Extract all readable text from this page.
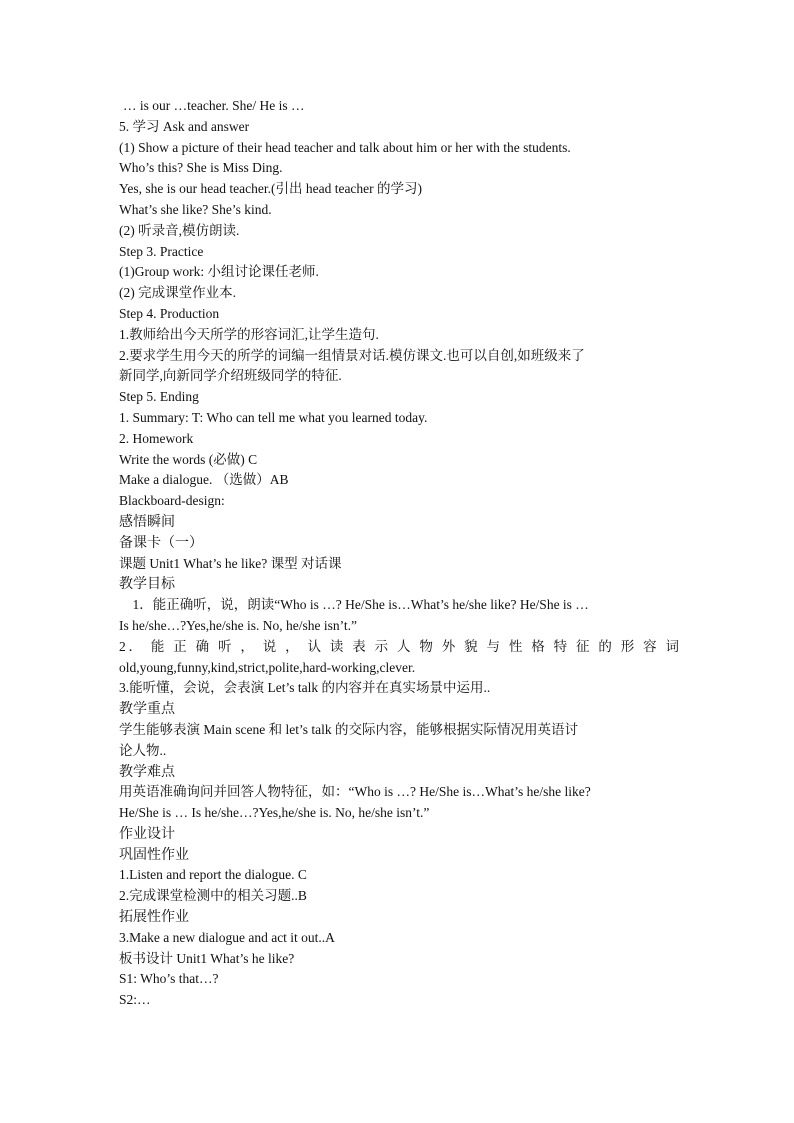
… is our …teacher. She/ He is …
5. 学习 Ask and answer
(1) Show a picture of their head teacher and talk about him or her with the students.
Who’s this? She is Miss Ding.
Yes, she is our head teacher.(引出 head teacher 的学习)
What’s she like? She’s kind.
(2) 听录音,模仿朗读.
Step 3. Practice
(1)Group work: 小组讨论课任老师.
(2) 完成课堂作业本.
Step 4. Production
1.教师给出今天所学的形容词汇,让学生造句.
2.要求学生用今天的所学的词编一组情景对话.模仿课文.也可以自创,如班级来了
新同学,向新同学介绍班级同学的特征.
Step 5. Ending
1. Summary: T: Who can tell me what you learned today.
2. Homework
Write the words (必做) C
Make a dialogue. （选做）AB
Blackboard-design:
感悟瞬间
备课卡（一）
课题 Unit1 What’s he like? 课型 对话课
教学目标
　1．能正确听，说，朗读“Who is …? He/She is…What’s he/she like? He/She is …
Is he/she…?Yes,he/she is. No, he/she isn’t.”
2． 能 正 确 听 ， 说 ， 认 读 表 示 人 物 外 貌 与 性 格 特 征 的 形 容 词
old,young,funny,kind,strict,polite,hard-working,clever.
3.能听懂，会说，会表演 Let’s talk 的内容并在真实场景中运用..
教学重点
学生能够表演 Main scene 和 let’s talk 的交际内容，能够根据实际情况用英语讨
论人物..
教学难点
用英语准确询问并回答人物特征，如：“Who is …? He/She is…What’s he/she like?
He/She is … Is he/she…?Yes,he/she is. No, he/she isn’t.”
作业设计
巩固性作业
1.Listen and report the dialogue. C
2.完成课堂检测中的相关习题..B
拓展性作业
3.Make a new dialogue and act it out..A
板书设计 Unit1 What’s he like?
S1: Who’s that…?
S2:…
